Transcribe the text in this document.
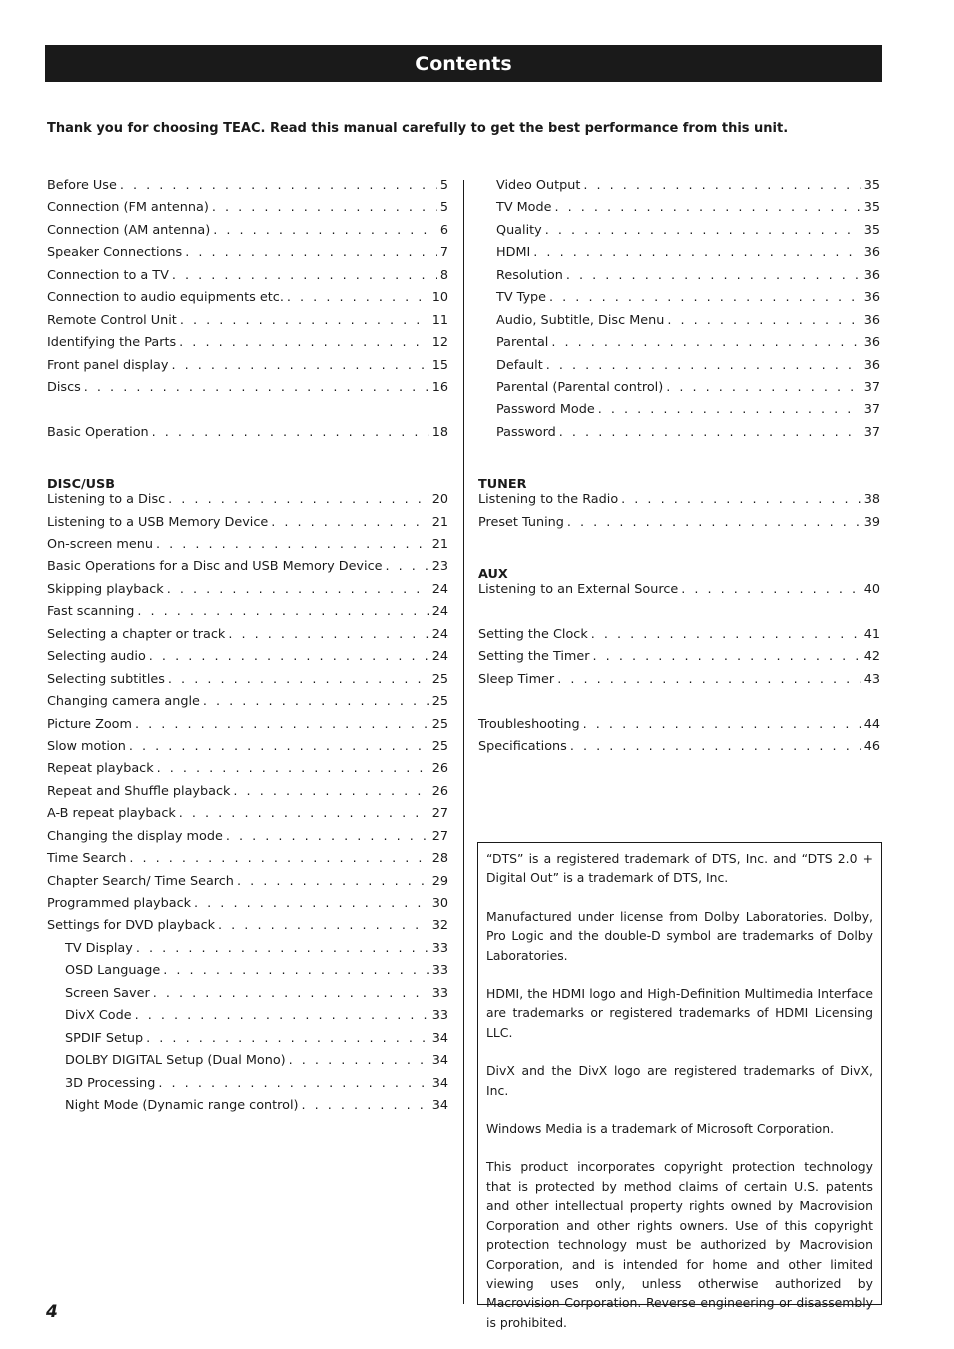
Contents
Thank you for choosing TEAC. Read this manual carefully to get the best performance from this unit.
Before Use . . .	5
Connection (FM antenna) . . .	5
Connection (AM antenna) . . .	6
Speaker Connections . . .	7
Connection to a TV . . .	8
Connection to audio equipments etc. . . .	10
Remote Control Unit . . .	11
Identifying the Parts . . .	12
Front panel display . . .	15
Discs . . .	16
Basic Operation . . .	18
DISC/USB
Listening to a Disc . . .	20
Listening to a USB Memory Device . . .	21
On-screen menu . . .	21
Basic Operations for a Disc and USB Memory Device . . .	23
Skipping playback . . .	24
Fast scanning . . .	24
Selecting a chapter or track . . .	24
Selecting audio . . .	24
Selecting subtitles . . .	25
Changing camera angle . . .	25
Picture Zoom . . .	25
Slow motion . . .	25
Repeat playback . . .	26
Repeat and Shuffle playback . . .	26
A-B repeat playback . . .	27
Changing the display mode . . .	27
Time Search . . .	28
Chapter Search/ Time Search . . .	29
Programmed playback . . .	30
Settings for DVD playback . . .	32
TV Display . . .	33
OSD Language . . .	33
Screen Saver . . .	33
DivX Code . . .	33
SPDIF Setup . . .	34
DOLBY DIGITAL Setup (Dual Mono) . . .	34
3D Processing . . .	34
Night Mode (Dynamic range control) . . .	34
Video Output . . .	35
TV Mode . . .	35
Quality . . .	35
HDMI . . .	36
Resolution . . .	36
TV Type . . .	36
Audio, Subtitle, Disc Menu . . .	36
Parental . . .	36
Default . . .	36
Parental (Parental control) . . .	37
Password Mode . . .	37
Password . . .	37
TUNER
Listening to the Radio . . .	38
Preset Tuning . . .	39
AUX
Listening to an External Source . . .	40
Setting the Clock . . .	41
Setting the Timer . . .	42
Sleep Timer . . .	43
Troubleshooting . . .	44
Specifications . . .	46

“DTS” is a registered trademark of DTS, Inc. and “DTS 2.0 + Digital Out” is a trademark of DTS, Inc.

Manufactured under license from Dolby Laboratories. Dolby, Pro Logic and the double-D symbol are trademarks of Dolby Laboratories.

HDMI, the HDMI logo and High-Definition Multimedia Interface are trademarks or registered trademarks of HDMI Licensing LLC.

DivX and the DivX logo are registered trademarks of DivX, Inc.

Windows Media is a trademark of Microsoft Corporation.

This product incorporates copyright protection technology that is protected by method claims of certain U.S. patents and other intellectual property rights owned by Macrovision Corporation and other rights owners. Use of this copyright protection technology must be authorized by Macrovision Corporation, and is intended for home and other limited viewing uses only, unless otherwise authorized by Macrovision Corporation. Reverse engineering or disassembly is prohibited.

4
